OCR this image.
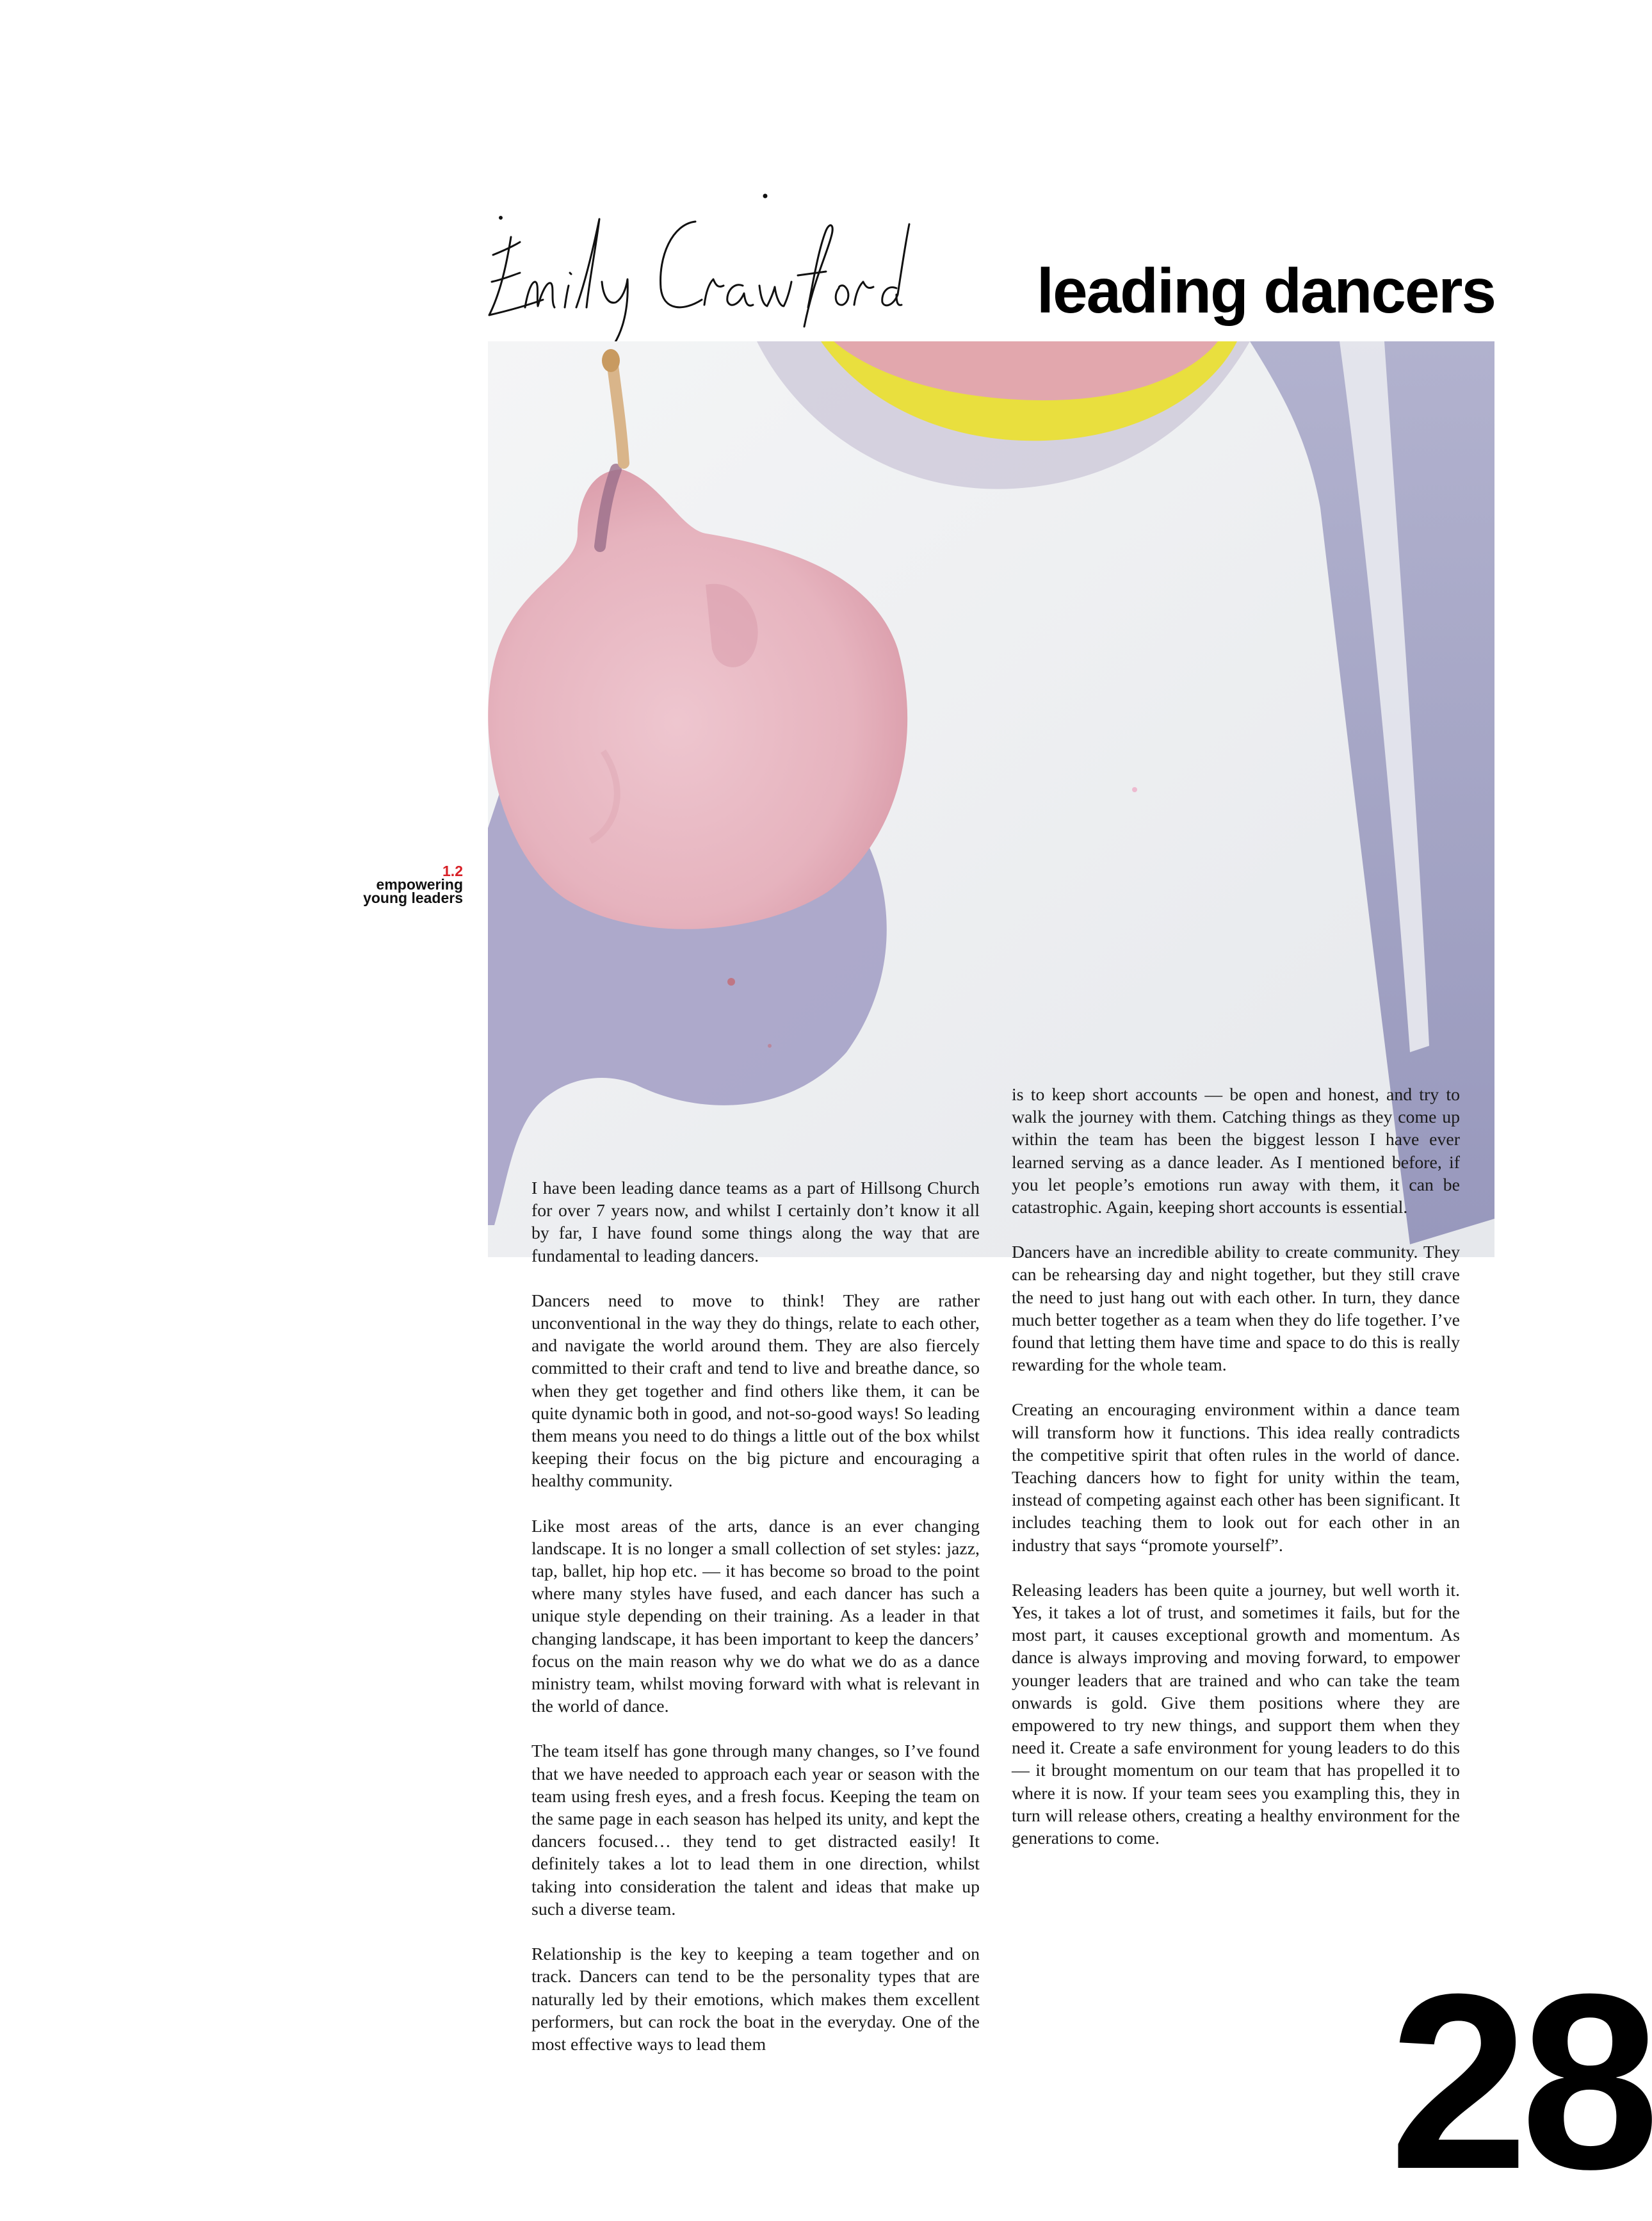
leading dancers
1.2
empowering
young leaders

I have been leading dance teams as a part of Hillsong Church for over 7 years now, and whilst I certainly don’t know it all by far, I have found some things along the way that are fundamental to leading dancers.

Dancers need to move to think! They are rather unconventional in the way they do things, relate to each other, and navigate the world around them. They are also fiercely committed to their craft and tend to live and breathe dance, so when they get together and find others like them, it can be quite dynamic both in good, and not-so-good ways! So leading them means you need to do things a little out of the box whilst keeping their focus on the big picture and encouraging a healthy community.

Like most areas of the arts, dance is an ever changing landscape. It is no longer a small collection of set styles: jazz, tap, ballet, hip hop etc. — it has become so broad to the point where many styles have fused, and each dancer has such a unique style depending on their training. As a leader in that changing landscape, it has been important to keep the dancers’ focus on the main reason why we do what we do as a dance ministry team, whilst moving forward with what is relevant in the world of dance.

The team itself has gone through many changes, so I’ve found that we have needed to approach each year or season with the team using fresh eyes, and a fresh focus. Keeping the team on the same page in each season has helped its unity, and kept the dancers focused… they tend to get distracted easily! It definitely takes a lot to lead them in one direction, whilst taking into consideration the talent and ideas that make up such a diverse team.

Relationship is the key to keeping a team together and on track. Dancers can tend to be the personality types that are naturally led by their emotions, which makes them excellent performers, but can rock the boat in the everyday. One of the most effective ways to lead them

is to keep short accounts — be open and honest, and try to walk the journey with them. Catching things as they come up within the team has been the biggest lesson I have ever learned serving as a dance leader. As I mentioned before, if you let people’s emotions run away with them, it can be catastrophic. Again, keeping short accounts is essential.

Dancers have an incredible ability to create community. They can be rehearsing day and night together, but they still crave the need to just hang out with each other. In turn, they dance much better together as a team when they do life together. I’ve found that letting them have time and space to do this is really rewarding for the whole team.

Creating an encouraging environment within a dance team will transform how it functions. This idea really contradicts the competitive spirit that often rules in the world of dance. Teaching dancers how to fight for unity within the team, instead of competing against each other has been significant. It includes teaching them to look out for each other in an industry that says “promote yourself”.

Releasing leaders has been quite a journey, but well worth it. Yes, it takes a lot of trust, and sometimes it fails, but for the most part, it causes exceptional growth and momentum. As dance is always improving and moving forward, to empower younger leaders that are trained and who can take the team onwards is gold. Give them positions where they are empowered to try new things, and support them when they need it. Create a safe environment for young leaders to do this — it brought momentum on our team that has propelled it to where it is now. If your team sees you exampling this, they in turn will release others, creating a healthy environment for the generations to come.

28
